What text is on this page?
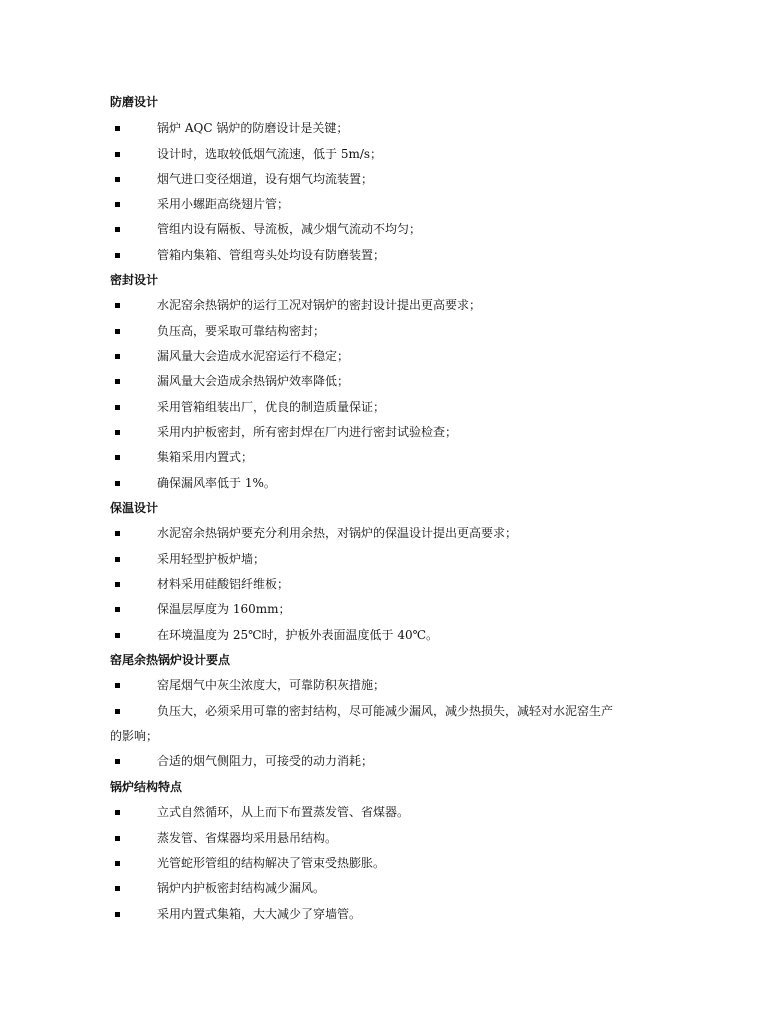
防磨设计
锅炉 AQC 锅炉的防磨设计是关键；
设计时，选取较低烟气流速，低于 5m/s；
烟气进口变径烟道，设有烟气均流装置；
采用小螺距高绕翅片管；
管组内设有隔板、导流板，减少烟气流动不均匀；
管箱内集箱、管组弯头处均设有防磨装置；
密封设计
水泥窑余热锅炉的运行工况对锅炉的密封设计提出更高要求；
负压高，要采取可靠结构密封；
漏风量大会造成水泥窑运行不稳定；
漏风量大会造成余热锅炉效率降低；
采用管箱组装出厂，优良的制造质量保证；
采用内护板密封，所有密封焊在厂内进行密封试验检查；
集箱采用内置式；
确保漏风率低于 1%。
保温设计
水泥窑余热锅炉要充分利用余热，对锅炉的保温设计提出更高要求；
采用轻型护板炉墙；
材料采用硅酸铝纤维板；
保温层厚度为 160mm；
在环境温度为 25℃时，护板外表面温度低于 40℃。
窑尾余热锅炉设计要点
窑尾烟气中灰尘浓度大，可靠防积灰措施；
负压大，必须采用可靠的密封结构，尽可能减少漏风，减少热损失，减轻对水泥窑生产
的影响；
合适的烟气侧阻力，可接受的动力消耗；
锅炉结构特点
立式自然循环，从上而下布置蒸发管、省煤器。
蒸发管、省煤器均采用悬吊结构。
光管蛇形管组的结构解决了管束受热膨胀。
锅炉内护板密封结构减少漏风。
采用内置式集箱，大大减少了穿墙管。
